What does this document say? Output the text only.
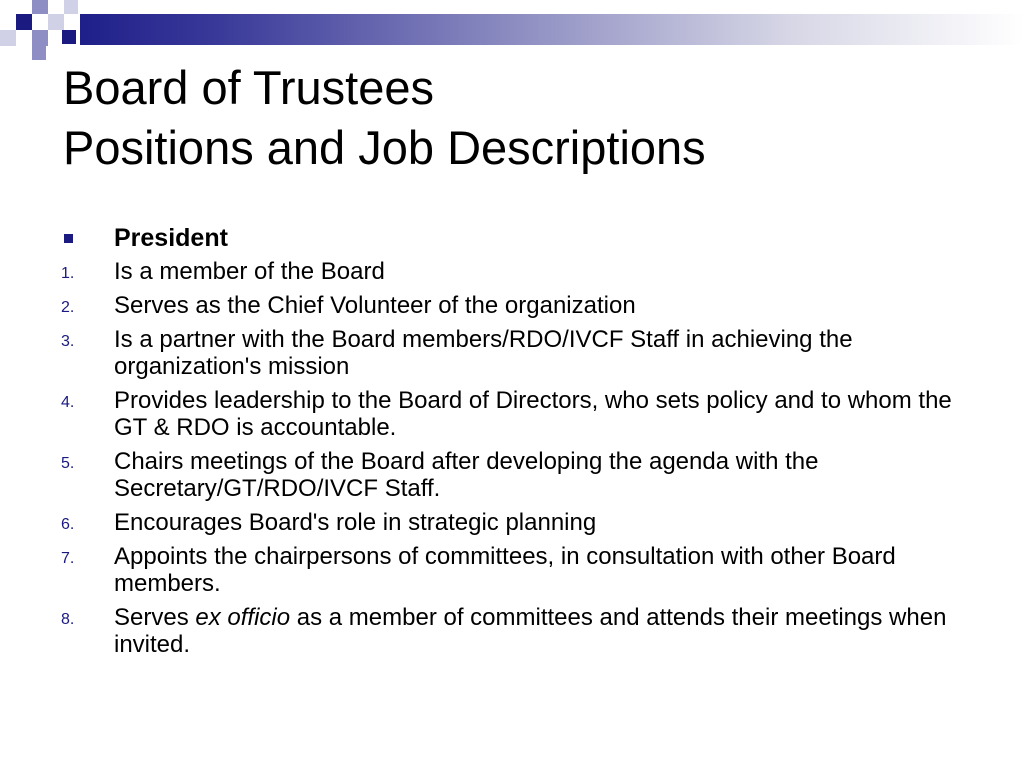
Board of Trustees
Positions and Job Descriptions
President
1. Is a member of the Board
2. Serves as the Chief Volunteer of the organization
3. Is a partner with the Board members/RDO/IVCF Staff in achieving the organization's mission
4. Provides leadership to the Board of Directors, who sets policy and to whom the GT & RDO is accountable.
5. Chairs meetings of the Board after developing the agenda with the Secretary/GT/RDO/IVCF Staff.
6. Encourages Board's role in strategic planning
7. Appoints the chairpersons of committees, in consultation with other Board members.
8. Serves ex officio as a member of committees and attends their meetings when invited.
